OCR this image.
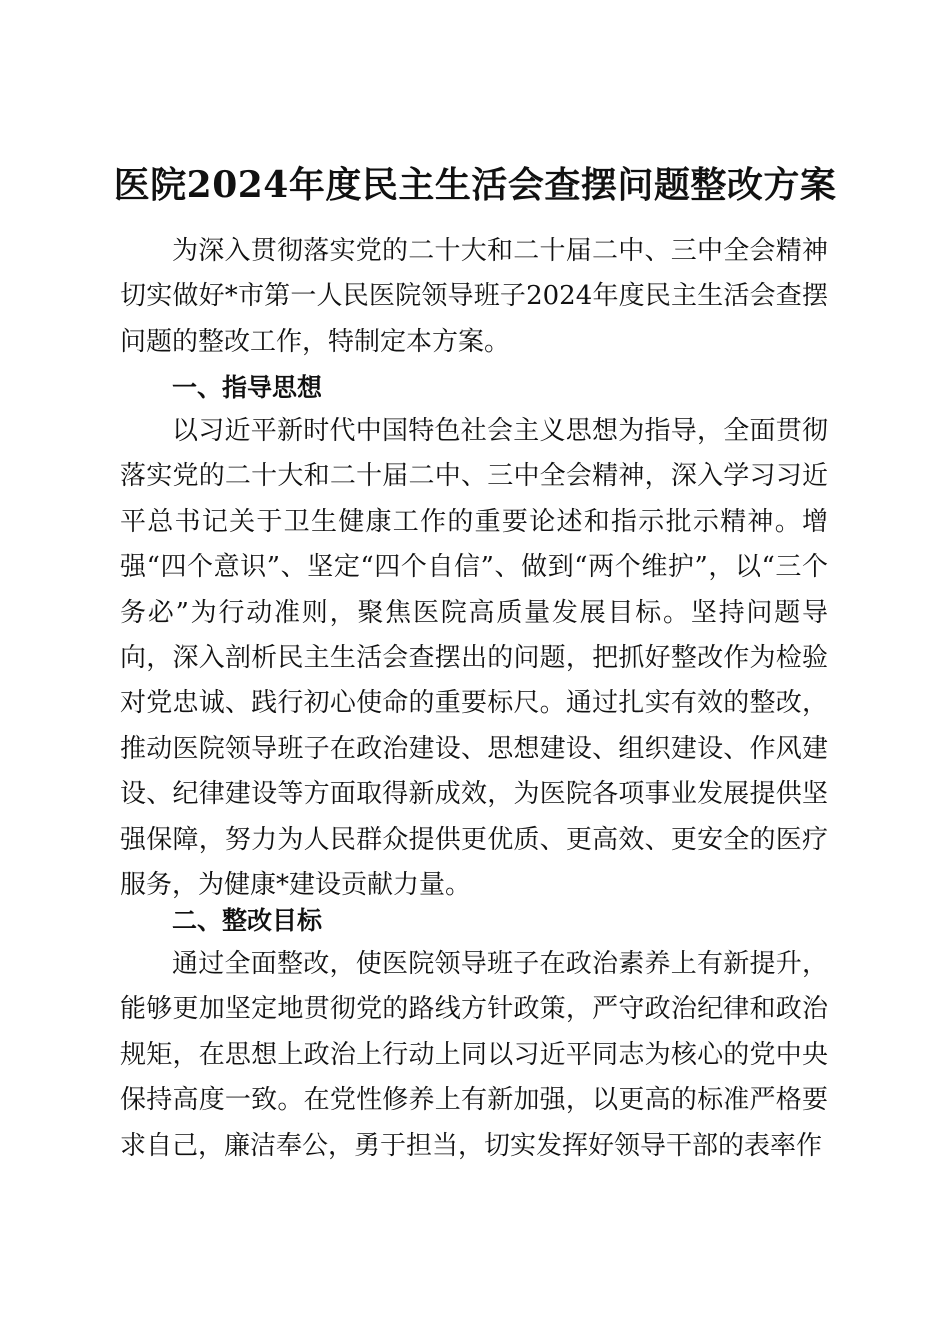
医院2024年度民主生活会查摆问题整改方案

为深入贯彻落实党的二十大和二十届二中、三中全会精神切实做好*市第一人民医院领导班子2024年度民主生活会查摆问题的整改工作，特制定本方案。

一、指导思想

以习近平新时代中国特色社会主义思想为指导，全面贯彻落实党的二十大和二十届二中、三中全会精神，深入学习习近平总书记关于卫生健康工作的重要论述和指示批示精神。增强“四个意识”、坚定“四个自信”、做到“两个维护”，以“三个务必”为行动准则，聚焦医院高质量发展目标。坚持问题导向，深入剖析民主生活会查摆出的问题，把抓好整改作为检验对党忠诚、践行初心使命的重要标尺。通过扎实有效的整改，推动医院领导班子在政治建设、思想建设、组织建设、作风建设、纪律建设等方面取得新成效，为医院各项事业发展提供坚强保障，努力为人民群众提供更优质、更高效、更安全的医疗服务，为健康*建设贡献力量。

二、整改目标

通过全面整改，使医院领导班子在政治素养上有新提升，能够更加坚定地贯彻党的路线方针政策，严守政治纪律和政治规矩，在思想上政治上行动上同以习近平同志为核心的党中央保持高度一致。在党性修养上有新加强，以更高的标准严格要求自己，廉洁奉公，勇于担当，切实发挥好领导干部的表率作
